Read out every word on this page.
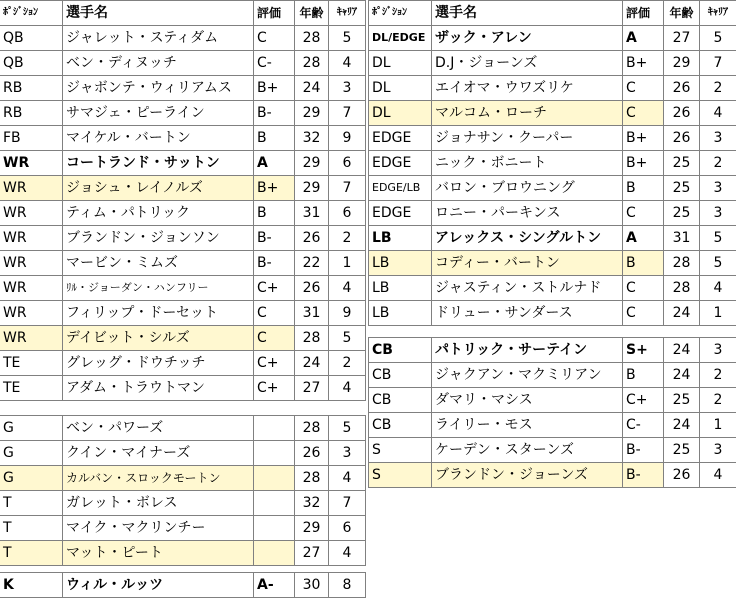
ﾎﾟｼﾞｼｮﾝ	選手名	評価	年齢	ｷｬﾘｱ
QB	ジャレット・スティダム	C	28	5
QB	ベン・ディヌッチ	C-	28	4
RB	ジャボンテ・ウィリアムス	B+	24	3
RB	サマジェ・ピーライン	B-	29	7
FB	マイケル・バートン	B	32	9
WR	コートランド・サットン	A	29	6
WR	ジョシュ・レイノルズ	B+	29	7
WR	ティム・パトリック	B	31	6
WR	ブランドン・ジョンソン	B-	26	2
WR	マービン・ミムズ	B-	22	1
WR	ﾘﾙ・ジョーダン・ハンフリー	C+	26	4
WR	フィリップ・ドーセット	C	31	9
WR	デイビット・シルズ	C	28	5
TE	グレッグ・ドウチッチ	C+	24	2
TE	アダム・トラウトマン	C+	27	4
G	ベン・パワーズ		28	5
G	クイン・マイナーズ		26	3
G	カルバン・スロックモートン		28	4
T	ガレット・ボレス		32	7
T	マイク・マクリンチー		29	6
T	マット・ピート		27	4
K	ウィル・ルッツ	A-	30	8
ﾎﾟｼﾞｼｮﾝ	選手名	評価	年齢	ｷｬﾘｱ
DL/EDGE	ザック・アレン	A	27	5
DL	D.J・ジョーンズ	B+	29	7
DL	エイオマ・ウワズリケ	C	26	2
DL	マルコム・ローチ	C	26	4
EDGE	ジョナサン・クーパー	B+	26	3
EDGE	ニック・ボニート	B+	25	2
EDGE/LB	バロン・ブロウニング	B	25	3
EDGE	ロニー・パーキンス	C	25	3
LB	アレックス・シングルトン	A	31	5
LB	コディー・バートン	B	28	5
LB	ジャスティン・ストルナド	C	28	4
LB	ドリュー・サンダース	C	24	1
CB	パトリック・サーテイン	S+	24	3
CB	ジャクアン・マクミリアン	B	24	2
CB	ダマリ・マシス	C+	25	2
CB	ライリー・モス	C-	24	1
S	ケーデン・スターンズ	B-	25	3
S	ブランドン・ジョーンズ	B-	26	4
